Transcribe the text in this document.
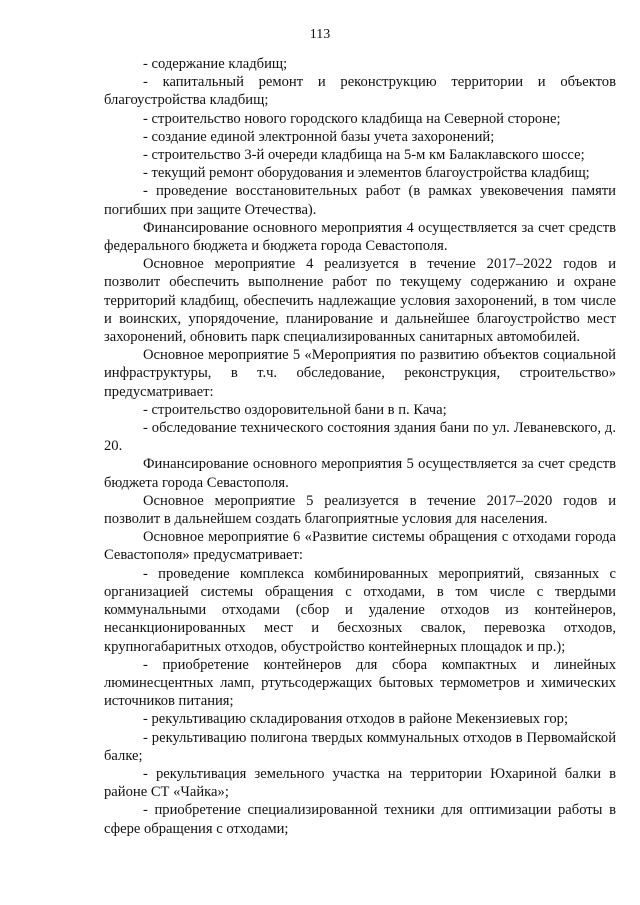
113

- содержание кладбищ;

- капитальный ремонт и реконструкцию территории и объектов благоустройства кладбищ;

- строительство нового городского кладбища на Северной стороне;

- создание единой электронной базы учета захоронений;

- строительство 3-й очереди кладбища на 5-м км Балаклавского шоссе;

- текущий ремонт оборудования и элементов благоустройства кладбищ;

- проведение восстановительных работ (в рамках увековечения памяти погибших при защите Отечества).

Финансирование основного мероприятия 4 осуществляется за счет средств федерального бюджета и бюджета города Севастополя.

Основное мероприятие 4 реализуется в течение 2017–2022 годов и позволит обеспечить выполнение работ по текущему содержанию и охране территорий кладбищ, обеспечить надлежащие условия захоронений, в том числе и воинских, упорядочение, планирование и дальнейшее благоустройство мест захоронений, обновить парк специализированных санитарных автомобилей.

Основное мероприятие 5 «Мероприятия по развитию объектов социальной инфраструктуры, в т.ч. обследование, реконструкция, строительство» предусматривает:

- строительство оздоровительной бани в п. Кача;

- обследование технического состояния здания бани по ул. Леваневского, д. 20.

Финансирование основного мероприятия 5 осуществляется за счет средств бюджета города Севастополя.

Основное мероприятие 5 реализуется в течение 2017–2020 годов и позволит в дальнейшем создать благоприятные условия для населения.

Основное мероприятие 6 «Развитие системы обращения с отходами города Севастополя» предусматривает:

- проведение комплекса комбинированных мероприятий, связанных с организацией системы обращения с отходами, в том числе с твердыми коммунальными отходами (сбор и удаление отходов из контейнеров, несанкционированных мест и бесхозных свалок, перевозка отходов, крупногабаритных отходов, обустройство контейнерных площадок и пр.);

- приобретение контейнеров для сбора компактных и линейных люминесцентных ламп, ртутьсодержащих бытовых термометров и химических источников питания;

- рекультивацию складирования отходов в районе Мекензиевых гор;

- рекультивацию полигона твердых коммунальных отходов в Первомайской балке;

- рекультивация земельного участка на территории Юхариной балки в районе СТ «Чайка»;

- приобретение специализированной техники для оптимизации работы в сфере обращения с отходами;
